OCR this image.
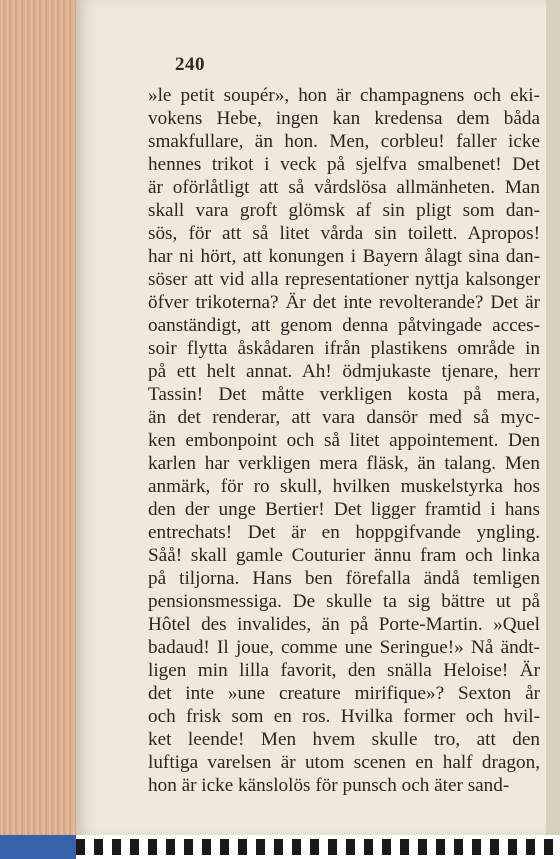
240
»le petit soupér», hon är champagnens och eki-
vokens Hebe, ingen kan kredensa dem båda
smakfullare, än hon. Men, corbleu! faller icke
hennes trikot i veck på sjelfva smalbenet! Det
är oförlåtligt att så vårdslösa allmänheten. Man
skall vara groft glömsk af sin pligt som dan-
sös, för att så litet vårda sin toilett. Apropos!
har ni hört, att konungen i Bayern ålagt sina dan-
söser att vid alla representationer nyttja kalsonger
öfver trikoterna? Är det inte revolterande? Det är
oanständigt, att genom denna påtvingade acces-
soir flytta åskådaren ifrån plastikens område in
på ett helt annat. Ah! ödmjukaste tjenare, herr
Tassin! Det måtte verkligen kosta på mera,
än det renderar, att vara dansör med så myc-
ken embonpoint och så litet appointement. Den
karlen har verkligen mera fläsk, än talang. Men
anmärk, för ro skull, hvilken muskelstyrka hos
den der unge Bertier! Det ligger framtid i hans
entrechats! Det är en hoppgifvande yngling.
Såå! skall gamle Couturier ännu fram och linka
på tiljorna. Hans ben förefalla ändå temligen
pensionsmessiga. De skulle ta sig bättre ut på
Hôtel des invalides, än på Porte-Martin. »Quel
badaud! Il joue, comme une Seringue!» Nå ändt-
ligen min lilla favorit, den snälla Heloise! Är
det inte »une creature mirifique»? Sexton år
och frisk som en ros. Hvilka former och hvil-
ket leende! Men hvem skulle tro, att den
luftiga varelsen är utom scenen en half dragon,
hon är icke känslolös för punsch och äter sand-
